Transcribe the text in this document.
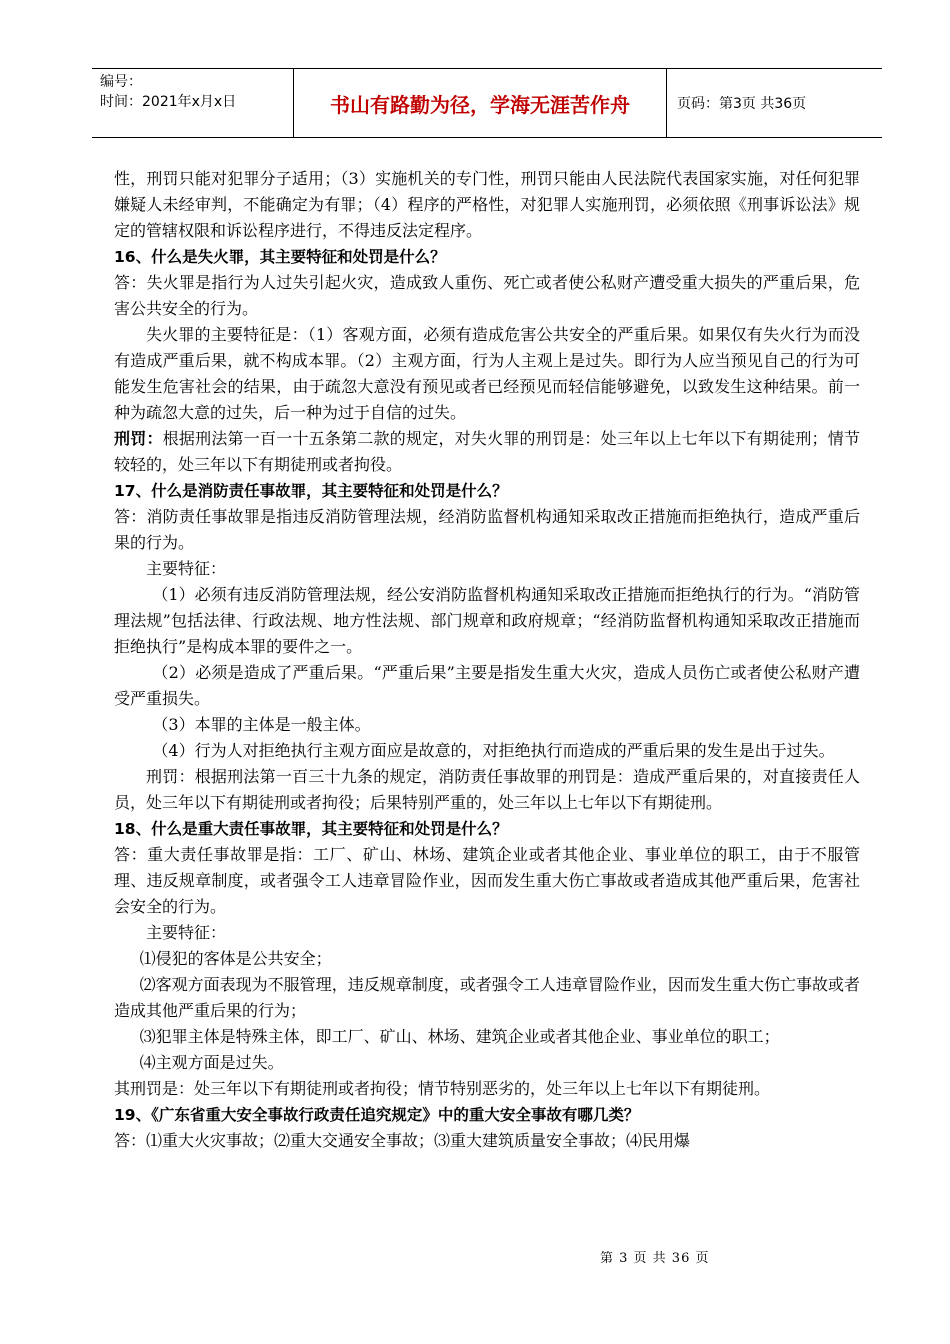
编号：
时间：2021年x月x日	书山有路勤为径，学海无涯苦作舟	页码：第3页 共36页

性，刑罚只能对犯罪分子适用；（3）实施机关的专门性，刑罚只能由人民法院代表国家实施，对任何犯罪嫌疑人未经审判，不能确定为有罪；（4）程序的严格性，对犯罪人实施刑罚，必须依照《刑事诉讼法》规定的管辖权限和诉讼程序进行，不得违反法定程序。

16、什么是失火罪，其主要特征和处罚是什么？

答：失火罪是指行为人过失引起火灾，造成致人重伤、死亡或者使公私财产遭受重大损失的严重后果，危害公共安全的行为。

失火罪的主要特征是：（1）客观方面，必须有造成危害公共安全的严重后果。如果仅有失火行为而没有造成严重后果，就不构成本罪。（2）主观方面，行为人主观上是过失。即行为人应当预见自己的行为可能发生危害社会的结果，由于疏忽大意没有预见或者已经预见而轻信能够避免，以致发生这种结果。前一种为疏忽大意的过失，后一种为过于自信的过失。

刑罚：根据刑法第一百一十五条第二款的规定，对失火罪的刑罚是：处三年以上七年以下有期徒刑；情节较轻的，处三年以下有期徒刑或者拘役。

17、什么是消防责任事故罪，其主要特征和处罚是什么？

答：消防责任事故罪是指违反消防管理法规，经消防监督机构通知采取改正措施而拒绝执行，造成严重后果的行为。

主要特征：

（1）必须有违反消防管理法规，经公安消防监督机构通知采取改正措施而拒绝执行的行为。“消防管理法规”包括法律、行政法规、地方性法规、部门规章和政府规章；“经消防监督机构通知采取改正措施而拒绝执行”是构成本罪的要件之一。

（2）必须是造成了严重后果。“严重后果”主要是指发生重大火灾，造成人员伤亡或者使公私财产遭受严重损失。

（3）本罪的主体是一般主体。

（4）行为人对拒绝执行主观方面应是故意的，对拒绝执行而造成的严重后果的发生是出于过失。

刑罚：根据刑法第一百三十九条的规定，消防责任事故罪的刑罚是：造成严重后果的，对直接责任人员，处三年以下有期徒刑或者拘役；后果特别严重的，处三年以上七年以下有期徒刑。

18、什么是重大责任事故罪，其主要特征和处罚是什么？

答：重大责任事故罪是指：工厂、矿山、林场、建筑企业或者其他企业、事业单位的职工，由于不服管理、违反规章制度，或者强令工人违章冒险作业，因而发生重大伤亡事故或者造成其他严重后果，危害社会安全的行为。

主要特征：

⑴侵犯的客体是公共安全；

⑵客观方面表现为不服管理，违反规章制度，或者强令工人违章冒险作业，因而发生重大伤亡事故或者造成其他严重后果的行为；

⑶犯罪主体是特殊主体，即工厂、矿山、林场、建筑企业或者其他企业、事业单位的职工；

⑷主观方面是过失。

其刑罚是：处三年以下有期徒刑或者拘役；情节特别恶劣的，处三年以上七年以下有期徒刑。

19、《广东省重大安全事故行政责任追究规定》中的重大安全事故有哪几类？

答：⑴重大火灾事故；⑵重大交通安全事故；⑶重大建筑质量安全事故；⑷民用爆

第 3 页 共 36 页
